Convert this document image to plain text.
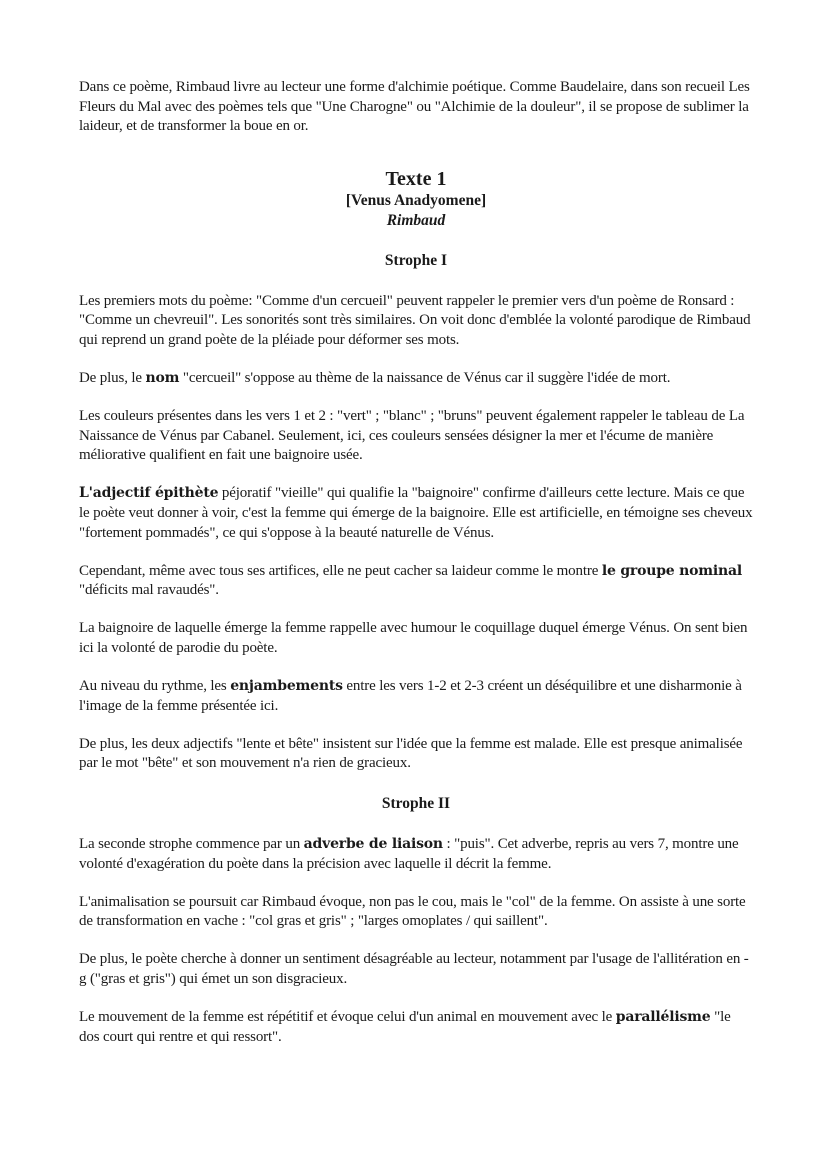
Dans ce poème, Rimbaud livre au lecteur une forme d'alchimie poétique. Comme Baudelaire, dans son recueil Les Fleurs du Mal avec des poèmes tels que "Une Charogne" ou "Alchimie de la douleur", il se propose de sublimer la laideur, et de transformer la boue en or.

Texte 1
[Venus Anadyomene]
Rimbaud
Strophe I

Les premiers mots du poème: "Comme d'un cercueil" peuvent rappeler le premier vers d'un poème de Ronsard : "Comme un chevreuil". Les sonorités sont très similaires. On voit donc d'emblée la volonté parodique de Rimbaud qui reprend un grand poète de la pléiade pour déformer ses mots.

De plus, le nom "cercueil" s'oppose au thème de la naissance de Vénus car il suggère l'idée de mort.

Les couleurs présentes dans les vers 1 et 2 : "vert" ; "blanc" ; "bruns" peuvent également rappeler le tableau de La Naissance de Vénus par Cabanel. Seulement, ici, ces couleurs sensées désigner la mer et l'écume de manière méliorative qualifient en fait une baignoire usée.

L'adjectif épithète péjoratif "vieille" qui qualifie la "baignoire" confirme d'ailleurs cette lecture. Mais ce que le poète veut donner à voir, c'est la femme qui émerge de la baignoire. Elle est artificielle, en témoigne ses cheveux "fortement pommadés", ce qui s'oppose à la beauté naturelle de Vénus.

Cependant, même avec tous ses artifices, elle ne peut cacher sa laideur comme le montre le groupe nominal "déficits mal ravaudés".

La baignoire de laquelle émerge la femme rappelle avec humour le coquillage duquel émerge Vénus. On sent bien ici la volonté de parodie du poète.

Au niveau du rythme, les enjambements entre les vers 1-2 et 2-3 créent un déséquilibre et une disharmonie à l'image de la femme présentée ici.

De plus, les deux adjectifs "lente et bête" insistent sur l'idée que la femme est malade. Elle est presque animalisée par le mot "bête" et son mouvement n'a rien de gracieux.

Strophe II

La seconde strophe commence par un adverbe de liaison : "puis". Cet adverbe, repris au vers 7, montre une volonté d'exagération du poète dans la précision avec laquelle il décrit la femme.

L'animalisation se poursuit car Rimbaud évoque, non pas le cou, mais le "col" de la femme. On assiste à une sorte de transformation en vache : "col gras et gris" ; "larges omoplates / qui saillent".

De plus, le poète cherche à donner un sentiment désagréable au lecteur, notamment par l'usage de l'allitération en -g ("gras et gris") qui émet un son disgracieux.

Le mouvement de la femme est répétitif et évoque celui d'un animal en mouvement avec le parallélisme "le dos court qui rentre et qui ressort".
